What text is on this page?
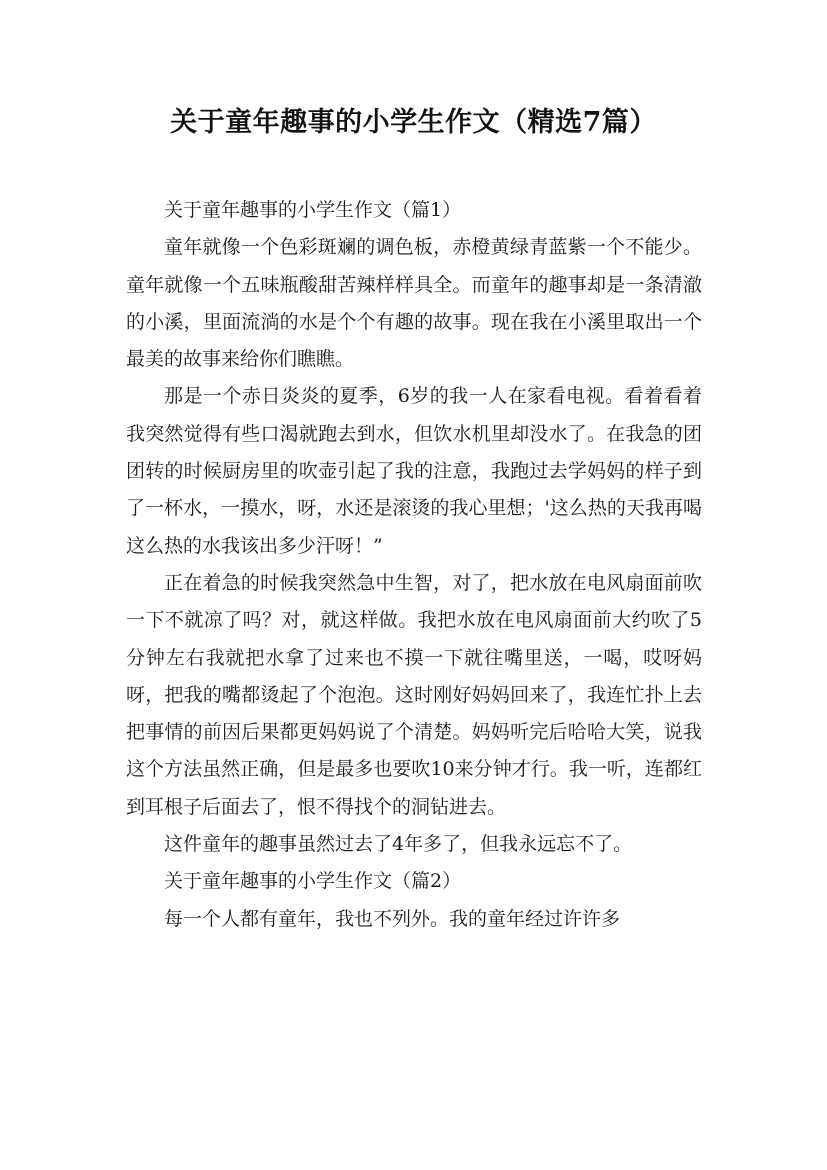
关于童年趣事的小学生作文（精选7篇）

关于童年趣事的小学生作文（篇1）

童年就像一个色彩斑斓的调色板，赤橙黄绿青蓝紫一个不能少。童年就像一个五味瓶酸甜苦辣样样具全。而童年的趣事却是一条清澈的小溪，里面流淌的水是个个有趣的故事。现在我在小溪里取出一个最美的故事来给你们瞧瞧。

那是一个赤日炎炎的夏季，6岁的我一人在家看电视。看着看着我突然觉得有些口渴就跑去到水，但饮水机里却没水了。在我急的团团转的时候厨房里的吹壶引起了我的注意，我跑过去学妈妈的样子到了一杯水，一摸水，呀，水还是滚烫的我心里想；'这么热的天我再喝这么热的水我该出多少汗呀！”

正在着急的时候我突然急中生智，对了，把水放在电风扇面前吹一下不就凉了吗？对，就这样做。我把水放在电风扇面前大约吹了5分钟左右我就把水拿了过来也不摸一下就往嘴里送，一喝，哎呀妈呀，把我的嘴都烫起了个泡泡。这时刚好妈妈回来了，我连忙扑上去把事情的前因后果都更妈妈说了个清楚。妈妈听完后哈哈大笑，说我这个方法虽然正确，但是最多也要吹10来分钟才行。我一听，连都红到耳根子后面去了，恨不得找个的洞钻进去。

这件童年的趣事虽然过去了4年多了，但我永远忘不了。

关于童年趣事的小学生作文（篇2）

每一个人都有童年，我也不列外。我的童年经过许许多
